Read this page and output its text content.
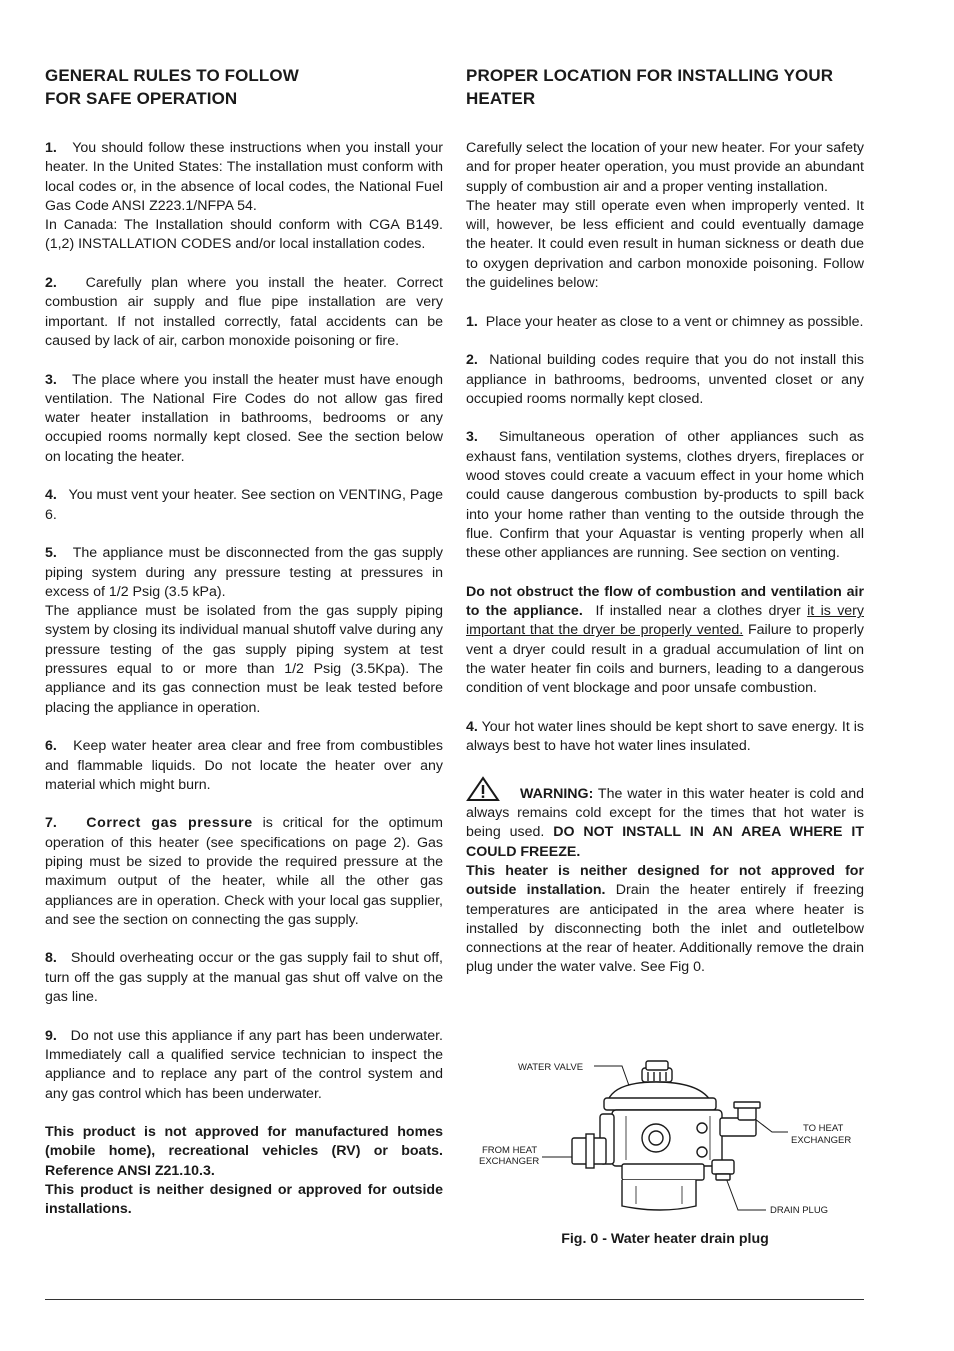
GENERAL RULES TO FOLLOW
FOR SAFE OPERATION

1. You should follow these instructions when you install your heater. In the United States: The installation must conform with local codes or, in the absence of local codes, the National Fuel Gas Code ANSI Z223.1/NFPA 54.

In Canada: The Installation should conform with CGA B149.(1,2) INSTALLATION CODES and/or local installation codes.

2. Carefully plan where you install the heater. Correct combustion air supply and flue pipe installation are very important. If not installed correctly, fatal accidents can be caused by lack of air, carbon monoxide poisoning or fire.

3. The place where you install the heater must have enough ventilation. The National Fire Codes do not allow gas fired water heater installation in bathrooms, bedrooms or any occupied rooms normally kept closed. See the section below on locating the heater.

4. You must vent your heater. See section on VENTING, Page 6.

5. The appliance must be disconnected from the gas supply piping system during any pressure testing at pressures in excess of 1/2 Psig (3.5 kPa).

The appliance must be isolated from the gas supply piping system by closing its individual manual shutoff valve during any pressure testing of the gas supply piping system at test pressures equal to or more than 1/2 Psig (3.5Kpa). The appliance and its gas connection must be leak tested before placing the appliance in operation.

6. Keep water heater area clear and free from combustibles and flammable liquids. Do not locate the heater over any material which might burn.

7. Correct gas pressure is critical for the optimum operation of this heater (see specifications on page 2). Gas piping must be sized to provide the required pressure at the maximum output of the heater, while all the other gas appliances are in operation. Check with your local gas supplier, and see the section on connecting the gas supply.

8. Should overheating occur or the gas supply fail to shut off, turn off the gas supply at the manual gas shut off valve on the gas line.

9. Do not use this appliance if any part has been underwater. Immediately call a qualified service technician to inspect the appliance and to replace any part of the control system and any gas control which has been underwater.

This product is not approved for manufactured homes (mobile home), recreational vehicles (RV) or boats. Reference ANSI Z21.10.3.

This product is neither designed or approved for outside installations.

PROPER LOCATION FOR INSTALLING YOUR
HEATER

Carefully select the location of your new heater. For your safety and for proper heater operation, you must provide an abundant supply of combustion air and a proper venting installation.

The heater may still operate even when improperly vented. It will, however, be less efficient and could eventually damage the heater. It could even result in human sickness or death due to oxygen deprivation and carbon monoxide poisoning. Follow the guidelines below:

1. Place your heater as close to a vent or chimney as possible.

2. National building codes require that you do not install this appliance in bathrooms, bedrooms, unvented closet or any occupied rooms normally kept closed.

3. Simultaneous operation of other appliances such as exhaust fans, ventilation systems, clothes dryers, fireplaces or wood stoves could create a vacuum effect in your home which could cause dangerous combustion by-products to spill back into your home rather than venting to the outside through the flue. Confirm that your Aquastar is venting properly when all these other appliances are running. See section on venting.

Do not obstruct the flow of combustion and ventilation air to the appliance. If installed near a clothes dryer it is very important that the dryer be properly vented. Failure to properly vent a dryer could result in a gradual accumulation of lint on the water heater fin coils and burners, leading to a dangerous condition of vent blockage and poor unsafe combustion.

4. Your hot water lines should be kept short to save energy. It is always best to have hot water lines insulated.

WARNING: The water in this water heater is cold and always remains cold except for the times that hot water is being used. DO NOT INSTALL IN AN AREA WHERE IT COULD FREEZE.

This heater is neither designed for not approved for outside installation. Drain the heater entirely if freezing temperatures are anticipated in the area where heater is installed by disconnecting both the inlet and outletelbow connections at the rear of heater. Additionally remove the drain plug under the water valve. See Fig 0.

WATER VALVE
TO HEAT
EXCHANGER
FROM HEAT
EXCHANGER
DRAIN PLUG
Fig. 0 - Water heater drain plug
